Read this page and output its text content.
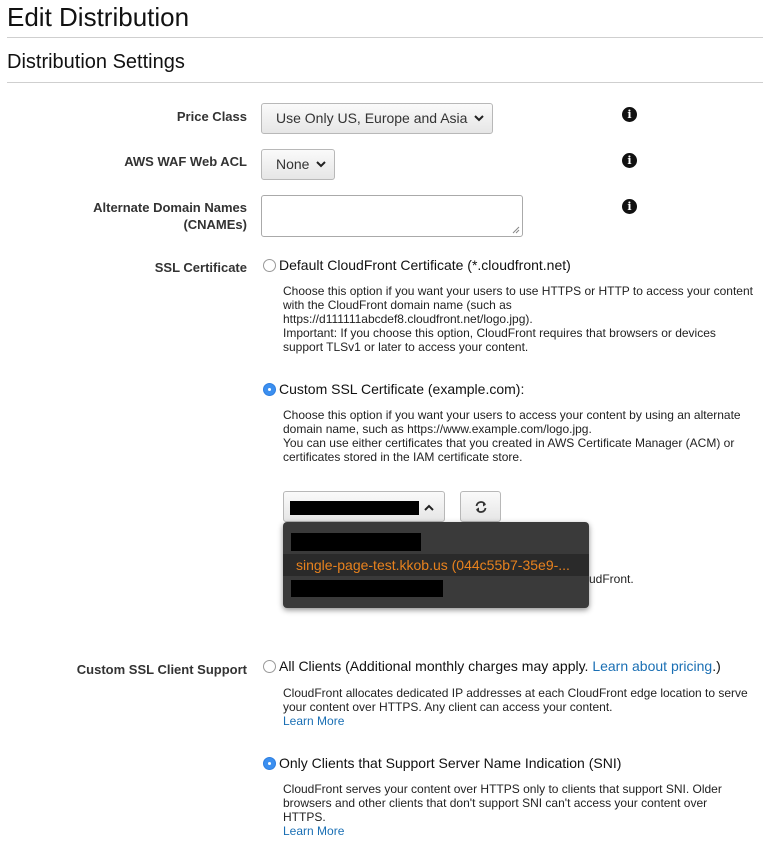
Edit Distribution
Distribution Settings
Price Class	Use Only US, Europe and Asia	i
AWS WAF Web ACL	None	i
Alternate Domain Names
(CNAMEs)
i
SSL Certificate	Default CloudFront Certificate (*.cloudfront.net)
Choose this option if you want your users to use HTTPS or HTTP to access your content
with the CloudFront domain name (such as
https://d111111abcdef8.cloudfront.net/logo.jpg).
Important: If you choose this option, CloudFront requires that browsers or devices
support TLSv1 or later to access your content.
Custom SSL Certificate (example.com):
Choose this option if you want your users to access your content by using an alternate
domain name, such as https://www.example.com/logo.jpg.
You can use either certificates that you created in AWS Certificate Manager (ACM) or
certificates stored in the IAM certificate store.
udFront.
single-page-test.kkob.us (044c55b7-35e9-...
Custom SSL Client Support	All Clients (Additional monthly charges may apply. Learn about pricing.)
CloudFront allocates dedicated IP addresses at each CloudFront edge location to serve
your content over HTTPS. Any client can access your content.
Learn More
Only Clients that Support Server Name Indication (SNI)
CloudFront serves your content over HTTPS only to clients that support SNI. Older
browsers and other clients that don't support SNI can't access your content over
HTTPS.
Learn More
